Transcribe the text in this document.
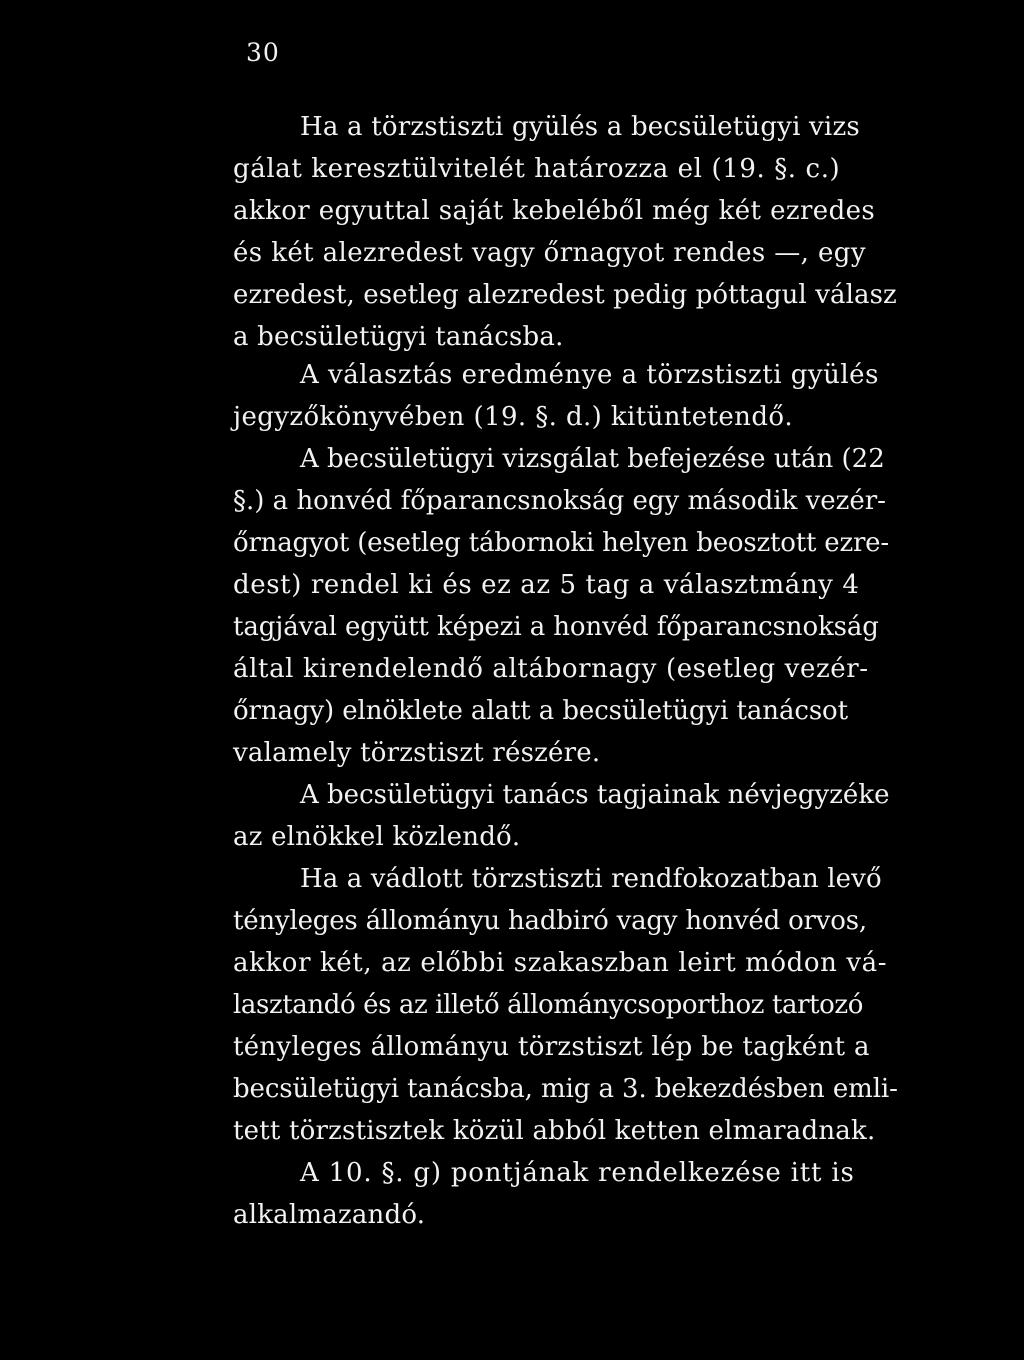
30
Ha a törzstiszti gyülés a becsületügyi vizs
gálat keresztülvitelét határozza el (19. §. c.)
akkor egyuttal saját kebeléből még két ezredes
és két alezredest vagy őrnagyot rendes —, egy
ezredest, esetleg alezredest pedig póttagul válasz
a becsületügyi tanácsba.
A választás eredménye a törzstiszti gyülés
jegyzőkönyvében (19. §. d.) kitüntetendő.
A becsületügyi vizsgálat befejezése után (22
§.) a honvéd főparancsnokság egy második vezér-
őrnagyot (esetleg tábornoki helyen beosztott ezre-
dest) rendel ki és ez az 5 tag a választmány 4
tagjával együtt képezi a honvéd főparancsnokság
által kirendelendő altábornagy (esetleg vezér-
őrnagy) elnöklete alatt a becsületügyi tanácsot
valamely törzstiszt részére.
A becsületügyi tanács tagjainak névjegyzéke
az elnökkel közlendő.
Ha a vádlott törzstiszti rendfokozatban levő
tényleges állományu hadbiró vagy honvéd orvos,
akkor két, az előbbi szakaszban leirt módon vá-
lasztandó és az illető állománycsoporthoz tartozó
tényleges állományu törzstiszt lép be tagként a
becsületügyi tanácsba, mig a 3. bekezdésben emli-
tett törzstisztek közül abból ketten elmaradnak.
A 10. §. g) pontjának rendelkezése itt is
alkalmazandó.
